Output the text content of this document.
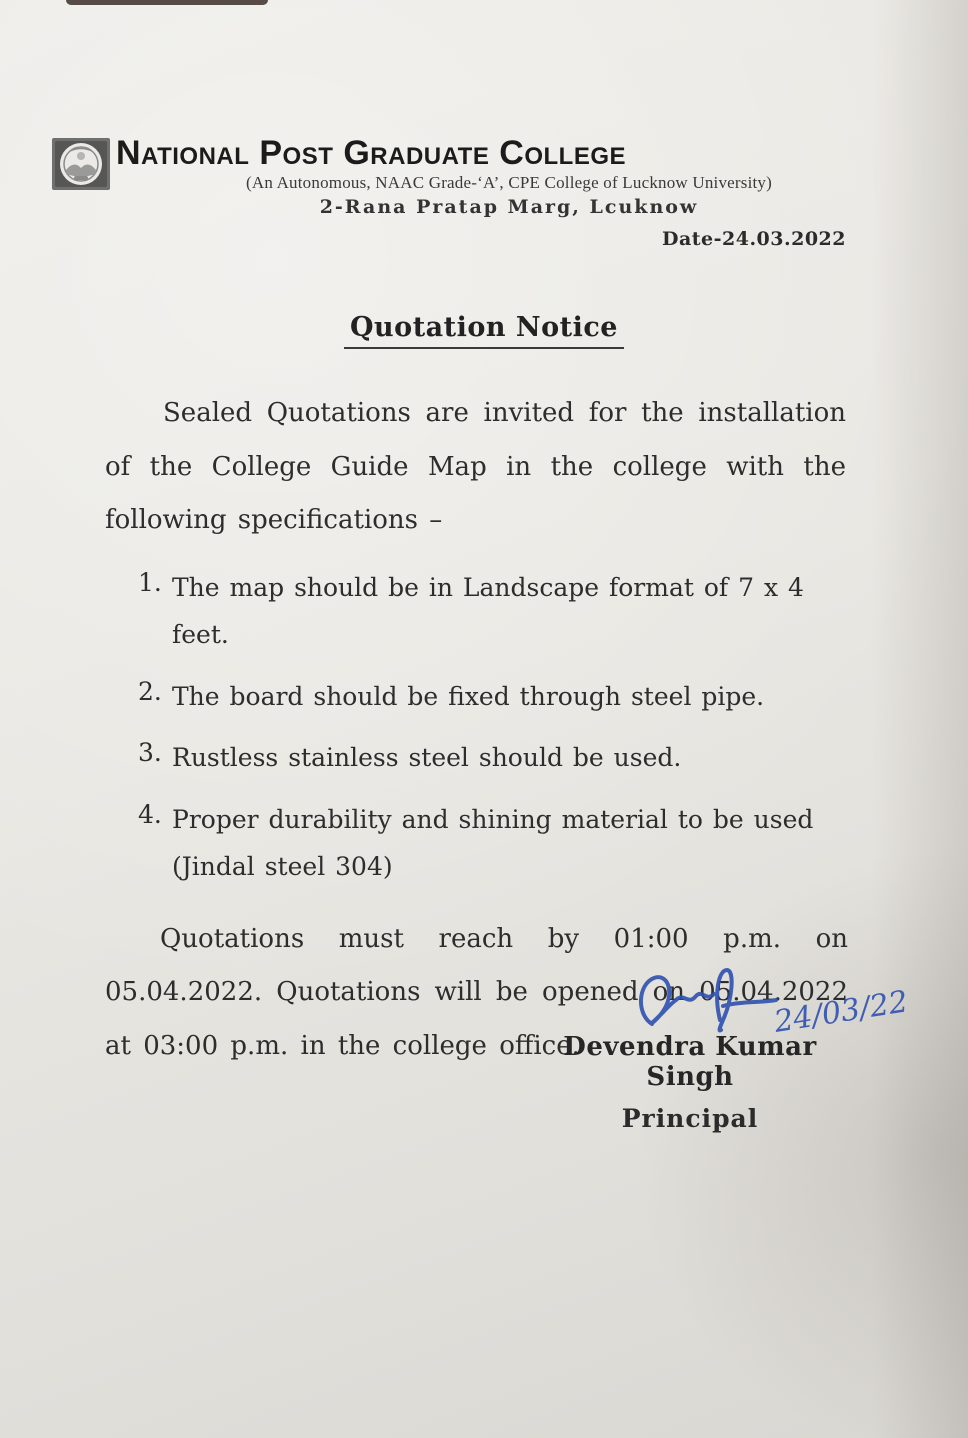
National Post Graduate College
(An Autonomous, NAAC Grade-‘A’, CPE College of Lucknow University)
2-Rana Pratap Marg, Lcuknow
Date-24.03.2022
Quotation Notice

Sealed Quotations are invited for the installation of the College Guide Map in the college with the following specifications –

1. The map should be in Landscape format of 7 x 4 feet.
2. The board should be fixed through steel pipe.
3. Rustless stainless steel should be used.
4. Proper durability and shining material to be used (Jindal steel 304)

Quotations must reach by 01:00 p.m. on 05.04.2022. Quotations will be opened on 05.04.2022 at 03:00 p.m. in the college office.

24/03/22
Devendra Kumar Singh
Principal
